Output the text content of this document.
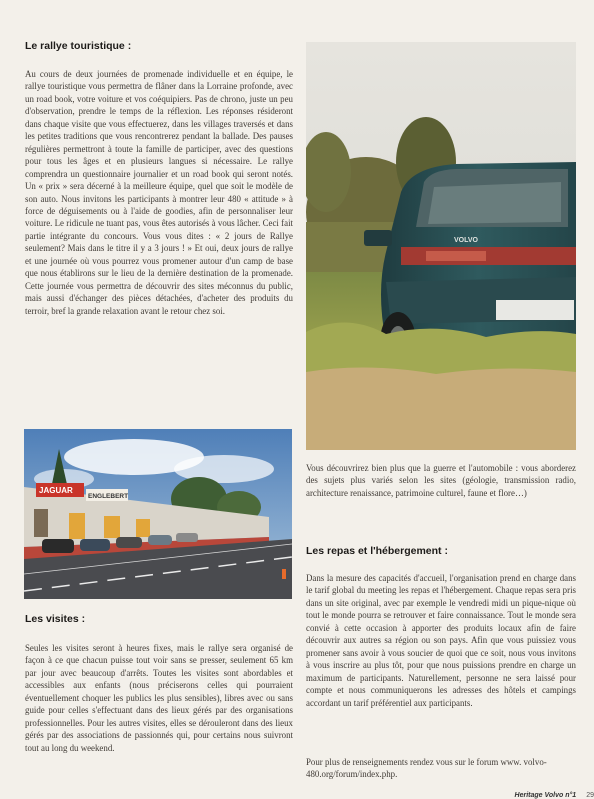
Le rallye touristique :
Au cours de deux journées de promenade individuelle et en équipe, le rallye touristique vous permettra de flâner dans la Lorraine profonde, avec un road book, votre voiture et vos coéquipiers. Pas de chrono, juste un peu d'observation, prendre le temps de la réflexion. Les réponses résideront dans chaque visite que vous effectuerez, dans les villages traversés et dans les petites traditions que vous rencontrerez pendant la ballade. Des pauses régulières permettront à toute la famille de participer, avec des questions pour tous les âges et en plusieurs langues si nécessaire. Le rallye comprendra un questionnaire journalier et un road book qui seront notés. Un « prix » sera décerné à la meilleure équipe, quel que soit le modèle de son auto. Nous invitons les participants à montrer leur 480 « attitude » à force de déguisements ou à l'aide de goodies, afin de personnaliser leur voiture. Le ridicule ne tuant pas, vous êtes autorisés à vous lâcher. Ceci fait partie intégrante du concours. Vous vous dites : « 2 jours de Rallye seulement? Mais dans le titre il y a 3 jours ! » Et oui, deux jours de rallye et une journée où vous pourrez vous promener autour d'un camp de base que nous établirons sur le lieu de la dernière destination de la promenade. Cette journée vous permettra de découvrir des sites méconnus du public, mais aussi d'échanger des pièces détachées, d'acheter des produits du terroir, bref la grande relaxation avant le retour chez soi.
VOLVO
JAGUAR
ENGLEBERT
Vous découvrirez bien plus que la guerre et l'automobile : vous aborderez des sujets plus variés selon les sites (géologie, transmission radio, architecture renaissance, patrimoine culturel, faune et flore…)
Les repas et l'hébergement :
Dans la mesure des capacités d'accueil, l'organisation prend en charge dans le tarif global du meeting les repas et l'hébergement. Chaque repas sera pris dans un site original, avec par exemple le vendredi midi un pique-nique où tout le monde pourra se retrouver et faire connaissance. Tout le monde sera convié à cette occasion à apporter des produits locaux afin de faire découvrir aux autres sa région ou son pays. Afin que vous puissiez vous promener sans avoir à vous soucier de quoi que ce soit, nous vous invitons à vous inscrire au plus tôt, pour que nous puissions prendre en charge un maximum de participants. Naturellement, personne ne sera laissé pour compte et nous communiquerons les adresses des hôtels et campings accordant un tarif préférentiel aux participants.
Pour plus de renseignements rendez vous sur le forum www. volvo-480.org/forum/index.php.
Les visites :
Seules les visites seront à heures fixes, mais le rallye sera organisé de façon à ce que chacun puisse tout voir sans se presser, seulement 65 km par jour avec beaucoup d'arrêts. Toutes les visites sont abordables et accessibles aux enfants (nous préciserons celles qui pourraient éventuellement choquer les publics les plus sensibles), libres avec ou sans guide pour celles s'effectuant dans des lieux gérés par des organisations professionnelles. Pour les autres visites, elles se dérouleront dans des lieux gérés par des associations de passionnés qui, pour certains nous suivront tout au long du weekend.
Heritage Volvo n°1 29
